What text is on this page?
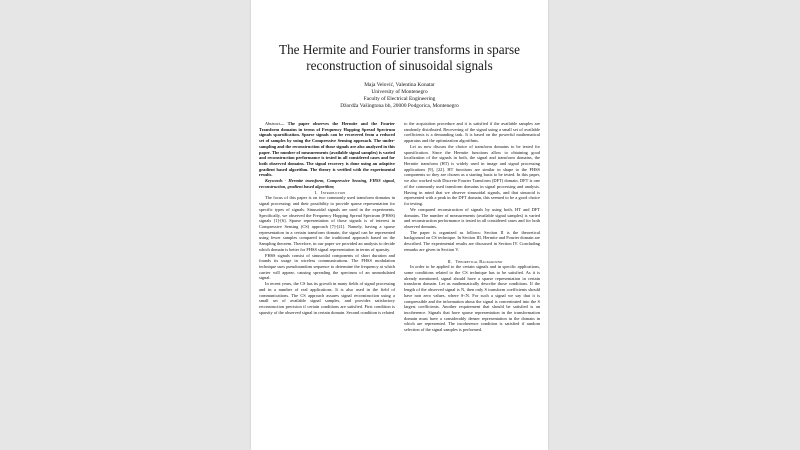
The Hermite and Fourier transforms in sparse
reconstruction of sinusoidal signals
Maja Velović, Valentina Konatar
University of Montenegro
Faculty of Electrical Engineering
Džordža Vašingtona bb, 20000 Podgorica, Montenegro

Abstract— The paper observes the Hermite and the Fourier Transform domains in terms of Frequency Hopping Spread Spectrum signals sparsification. Sparse signals can be recovered from a reduced set of samples by using the Compressive Sensing approach. The under-sampling and the reconstruction of those signals are also analyzed in this paper. The number of measurements (available signal samples) is varied and reconstruction performance is tested in all considered cases and for both observed domains. The signal recovery is done using an adaptive gradient based algorithm. The theory is verified with the experimental results.

Keywords - Hermite transform, Compressive Sensing, FHSS signal, reconstruction, gradient based algorithm;

I. Introduction

The focus of this paper is on two commonly used transform domains in signal processing; and their possibility to provide sparse representation for specific types of signals. Sinusoidal signals are used in the experiments. Specifically, we observed the Frequency Hopping Spread Spectrum (FHSS) signals [1]-[6]. Sparse representation of those signals is of interest in Compressive Sensing (CS) approach [7]-[21]. Namely, having a sparse representation in a certain transform domain, the signal can be represented using fewer samples compared to the traditional approach based on the Sampling theorem. Therefore, in our paper we provided an analysis to decide which domain is better for FHSS signal representation in terms of sparsity.

FHSS signals consist of sinusoidal components of short duration and founds its usage in wireless communications. The FHSS modulation technique uses pseudorandom sequence to determine the frequency at which carrier will appear, causing spreading the spectrum of an unmodulated signal.

In recent years, the CS has its growth in many fields of signal processing and in a number of real applications. It is also used in the field of communications. The CS approach assures signal reconstruction using a small set of available signal samples, and provides satisfactory reconstruction precision if certain conditions are satisfied. First condition is sparsity of the observed signal in certain domain. Second condition is related

to the acquisition procedure and it is satisfied if the available samples are randomly distributed. Recovering of the signal using a small set of available coefficients is a demanding task. It is based on the powerful mathematical apparatus and the optimization algorithms.

Let us now discuss the choice of transform domains to be tested for sparsification. Since the Hermite functions allow to obtaining good localization of the signals in both, the signal and transform domains, the Hermite transform (HT) is widely used in image and signal processing applications [9], [22]. HT functions are similar in shape to the FHSS components so they are chosen as a starting basis to be tested. In this paper, we also worked with Discrete Fourier Transform (DFT) domain. DFT is one of the commonly used transform domains in signal processing and analysis. Having in mind that we observe sinusoidal signals, and that sinusoid is represented with a peak in the DFT domain, this seemed to be a good choice for testing.

We compared reconstruction of signals by using both, HT and DFT domains. The number of measurements (available signal samples) is varied and reconstruction performance is tested in all considered cases and for both observed domains.

The paper is organized as follows: Section II is the theoretical background on CS technique. In Section III, Hermite and Fourier domain are described. The experimental results are discussed in Section IV. Concluding remarks are given in Section V.

II. Theoretical Background

In order to be applied to the certain signals and in specific applications, some conditions related to the CS technique has to be satisfied. As it is already mentioned, signal should have a sparse representation in certain transform domain. Let us mathematically describe those conditions. If the length of the observed signal is N, then only S transform coefficients should have non zero values, where S<N. For such a signal we say that it is compressible and the information about the signal is concentrated into the S largest coefficients. Another requirement that should be satisfied is an incoherence. Signals that have sparse representation in the transformation domain must have a considerably denser representation in the domain in which are represented. The incoherence condition is satisfied if random selection of the signal samples is performed.
